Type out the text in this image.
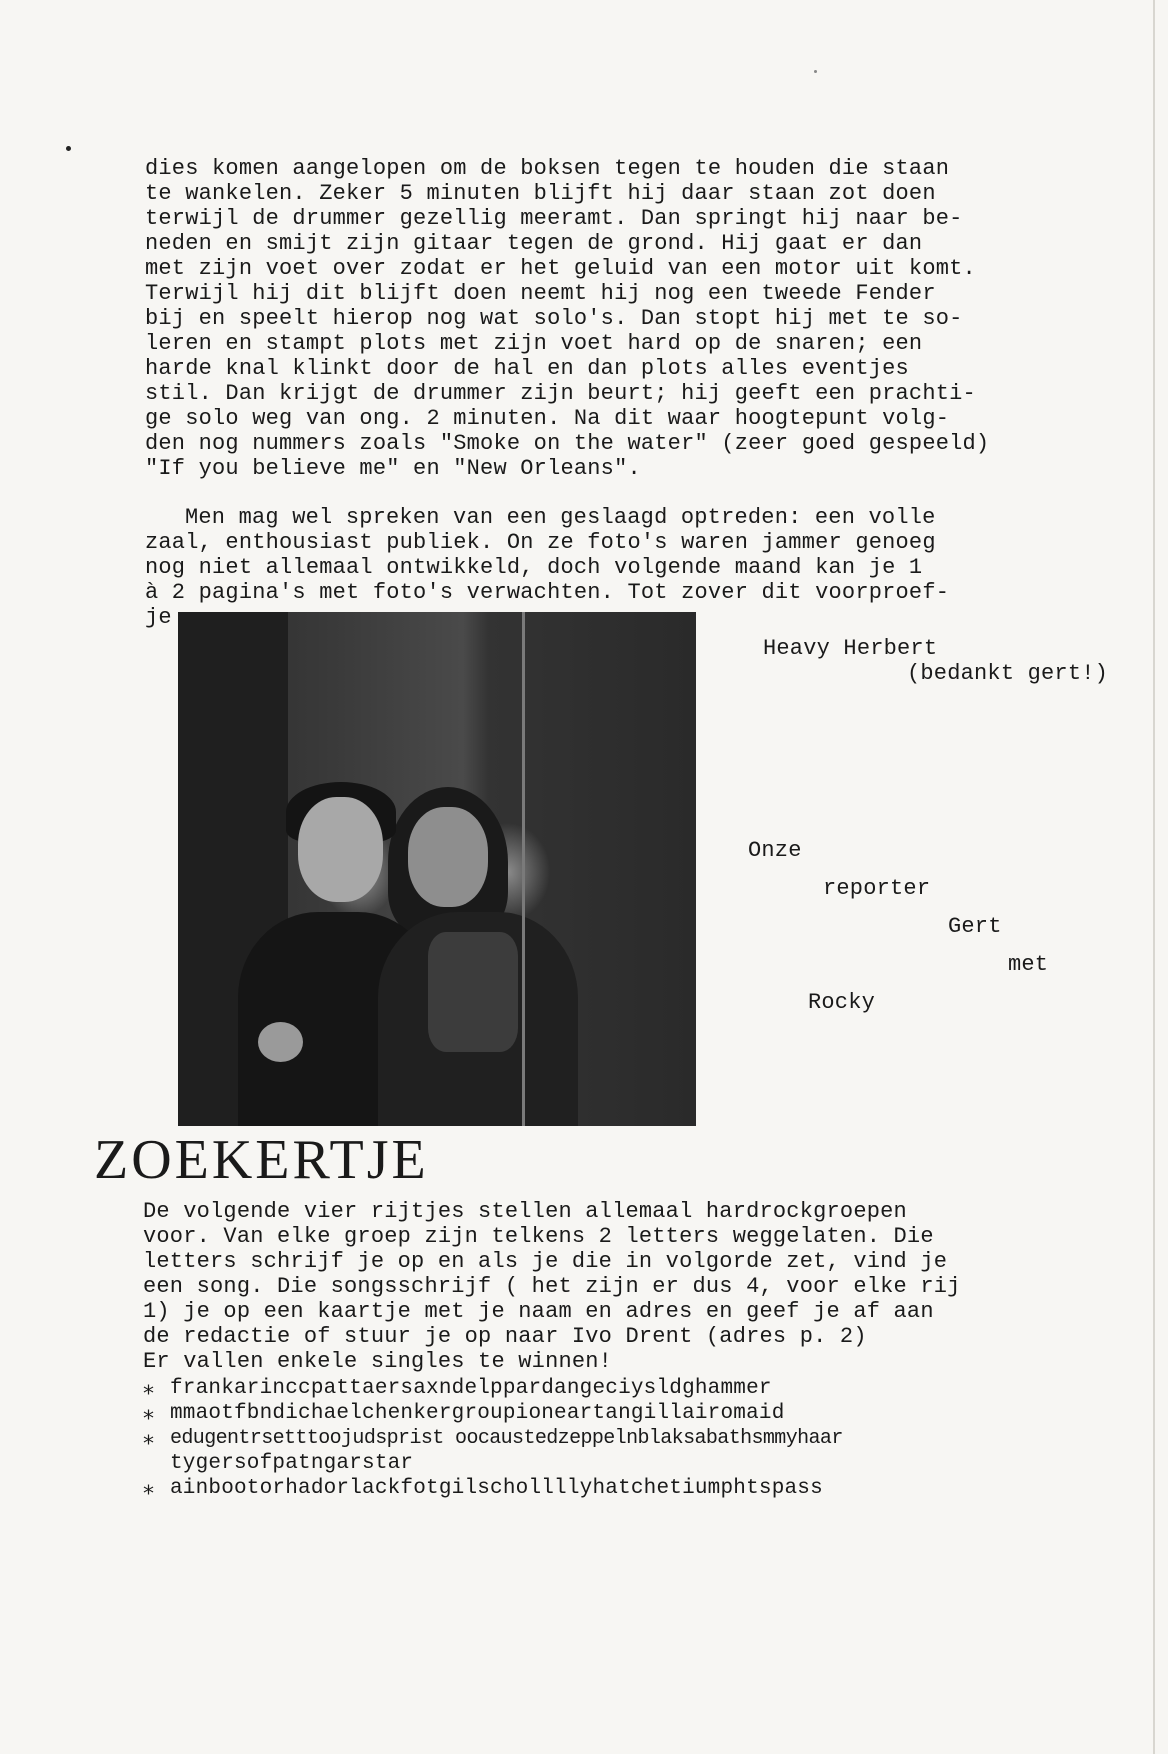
dies komen aangelopen om de boksen tegen te houden die staan
te wankelen. Zeker 5 minuten blijft hij daar staan zot doen
terwijl de drummer gezellig meeramt. Dan springt hij naar be-
neden en smijt zijn gitaar tegen de grond. Hij gaat er dan
met zijn voet over zodat er het geluid van een motor uit komt.
Terwijl hij dit blijft doen neemt hij nog een tweede Fender
bij en speelt hierop nog wat solo's. Dan stopt hij met te so-
leren en stampt plots met zijn voet hard op de snaren; een
harde knal klinkt door de hal en dan plots alles eventjes
stil. Dan krijgt de drummer zijn beurt; hij geeft een prachti-
ge solo weg van ong. 2 minuten. Na dit waar hoogtepunt volg-
den nog nummers zoals "Smoke on the water" (zeer goed gespeeld)
"If you believe me" en "New Orleans".
Men mag wel spreken van een geslaagd optreden: een volle
zaal, enthousiast publiek. On ze foto's waren jammer genoeg
nog niet allemaal ontwikkeld, doch volgende maand kan je 1
à 2 pagina's met foto's verwachten. Tot zover dit voorproef-
je
Heavy Herbert
(bedankt gert!)
Onze
reporter
Gert
met
Rocky
ZOEKERTJE
De volgende vier rijtjes stellen allemaal hardrockgroepen
voor. Van elke groep zijn telkens 2 letters weggelaten. Die
letters schrijf je op en als je die in volgorde zet, vind je
een song. Die songsschrijf ( het zijn er dus 4, voor elke rij
1) je op een kaartje met je naam en adres en geef je af aan
de redactie of stuur je op naar Ivo Drent (adres p. 2)
Er vallen enkele singles te winnen!
⁎ frankarinccpattaersaxndelppardangeciysldghammer
⁎ mmaotfbndichaelchenkergroupioneartangillairomaid
⁎ edugentrsetttoojudsprist oocaustedzeppelnblaksabathsmmyhaar
tygersofpatngarstar
⁎ ainbootorhadorlackfotgilschollllyhatchetiumphtspass
